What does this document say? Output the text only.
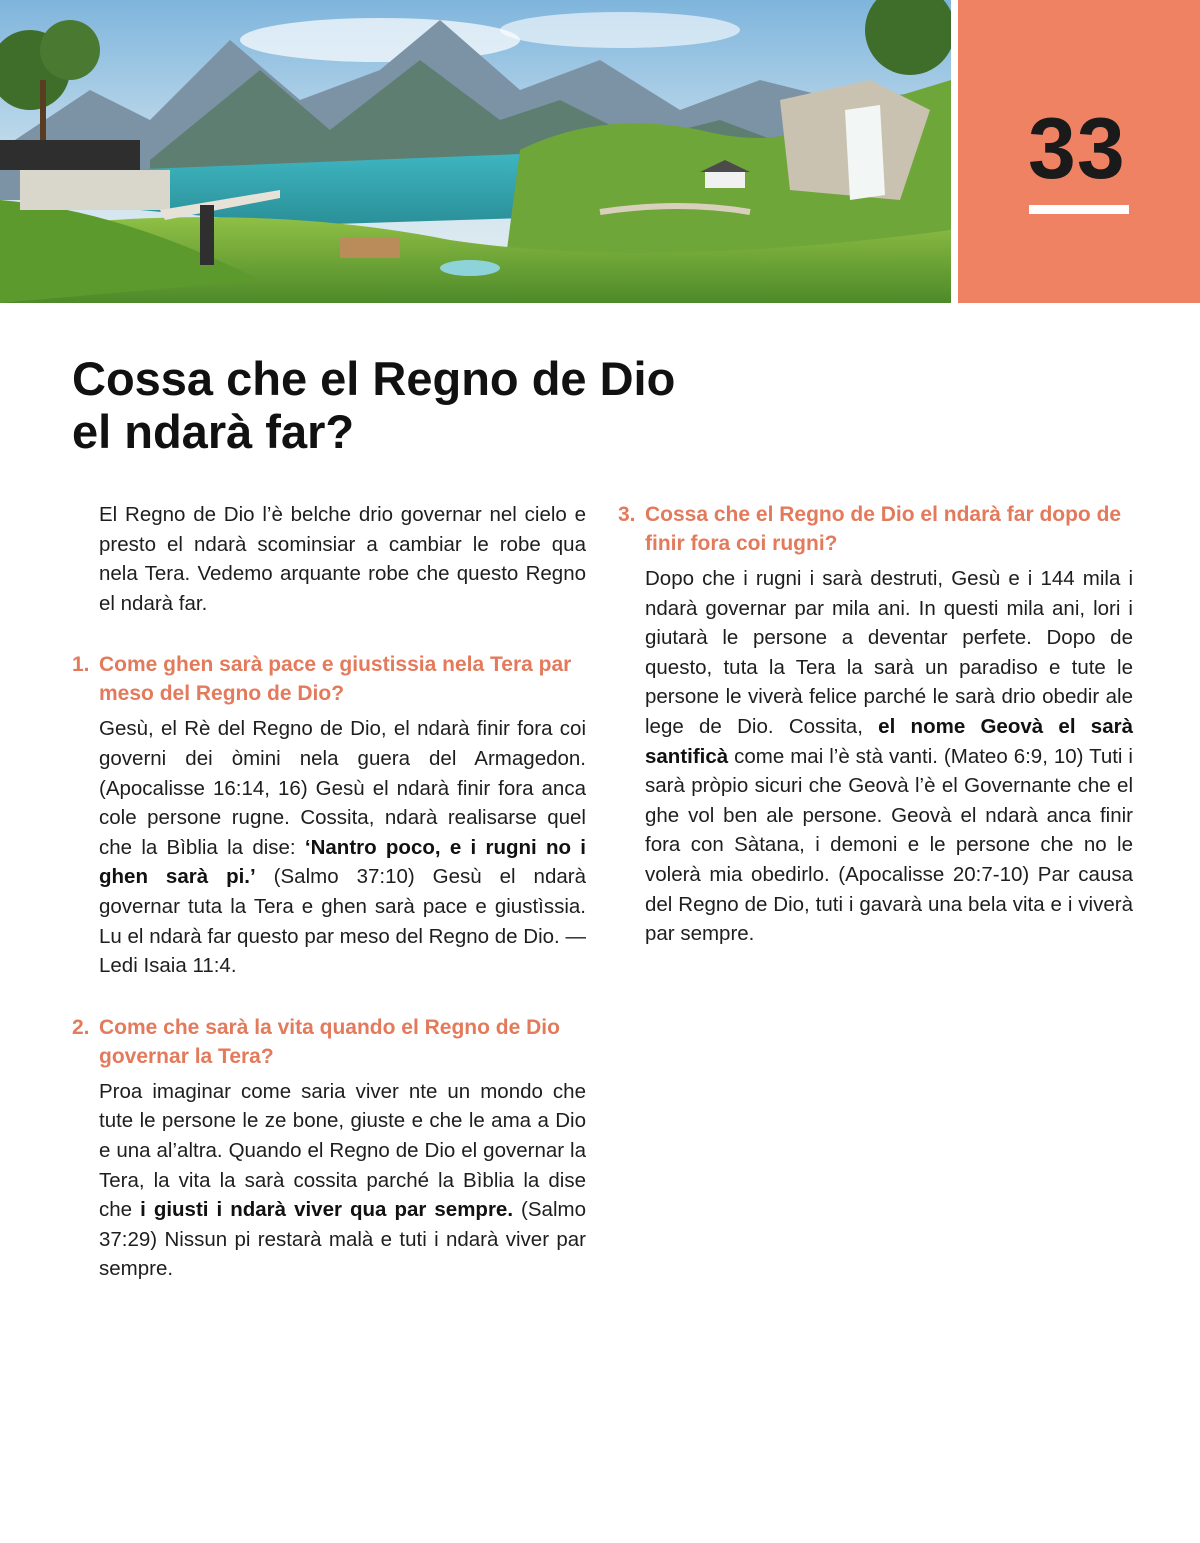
33
Cossa che el Regno de Dio
el ndarà far?

El Regno de Dio l’è belche drio governar nel cielo e presto el ndarà scominsiar a cambiar le robe qua nela Tera. Vedemo arquante robe che questo Regno el ndarà far.

1. Come ghen sarà pace e giustissia nela Tera par meso del Regno de Dio?

Gesù, el Rè del Regno de Dio, el ndarà finir fora coi governi dei òmini nela guera del Armagedon. (Apocalisse 16:14, 16) Gesù el ndarà finir fora anca cole persone rugne. Cossita, ndarà realisarse quel che la Bìblia la dise: ‘Nantro poco, e i rugni no i ghen sarà pi.’ (Salmo 37:10) Gesù el ndarà governar tuta la Tera e ghen sarà pace e giustìssia. Lu el ndarà far questo par meso del Regno de Dio. — Ledi Isaia 11:4.

2. Come che sarà la vita quando el Regno de Dio governar la Tera?

Proa imaginar come saria viver nte un mondo che tute le persone le ze bone, giuste e che le ama a Dio e una al’altra. Quando el Regno de Dio el governar la Tera, la vita la sarà cossita parché la Bìblia la dise che i giusti i ndarà viver qua par sempre. (Salmo 37:29) Nissun pi restarà malà e tuti i ndarà viver par sempre.

3. Cossa che el Regno de Dio el ndarà far dopo de finir fora coi rugni?

Dopo che i rugni i sarà destruti, Gesù e i 144 mila i ndarà governar par mila ani. In questi mila ani, lori i giutarà le persone a deventar perfete. Dopo de questo, tuta la Tera la sarà un paradiso e tute le persone le viverà felice parché le sarà drio obedir ale lege de Dio. Cossita, el nome Geovà el sarà santificà come mai l’è stà vanti. (Mateo 6:9, 10) Tuti i sarà pròpio sicuri che Geovà l’è el Governante che el ghe vol ben ale persone. Geovà el ndarà anca finir fora con Sàtana, i demoni e le persone che no le volerà mia obedirlo. (Apocalisse 20:7-10) Par causa del Regno de Dio, tuti i gavarà una bela vita e i viverà par sempre.
